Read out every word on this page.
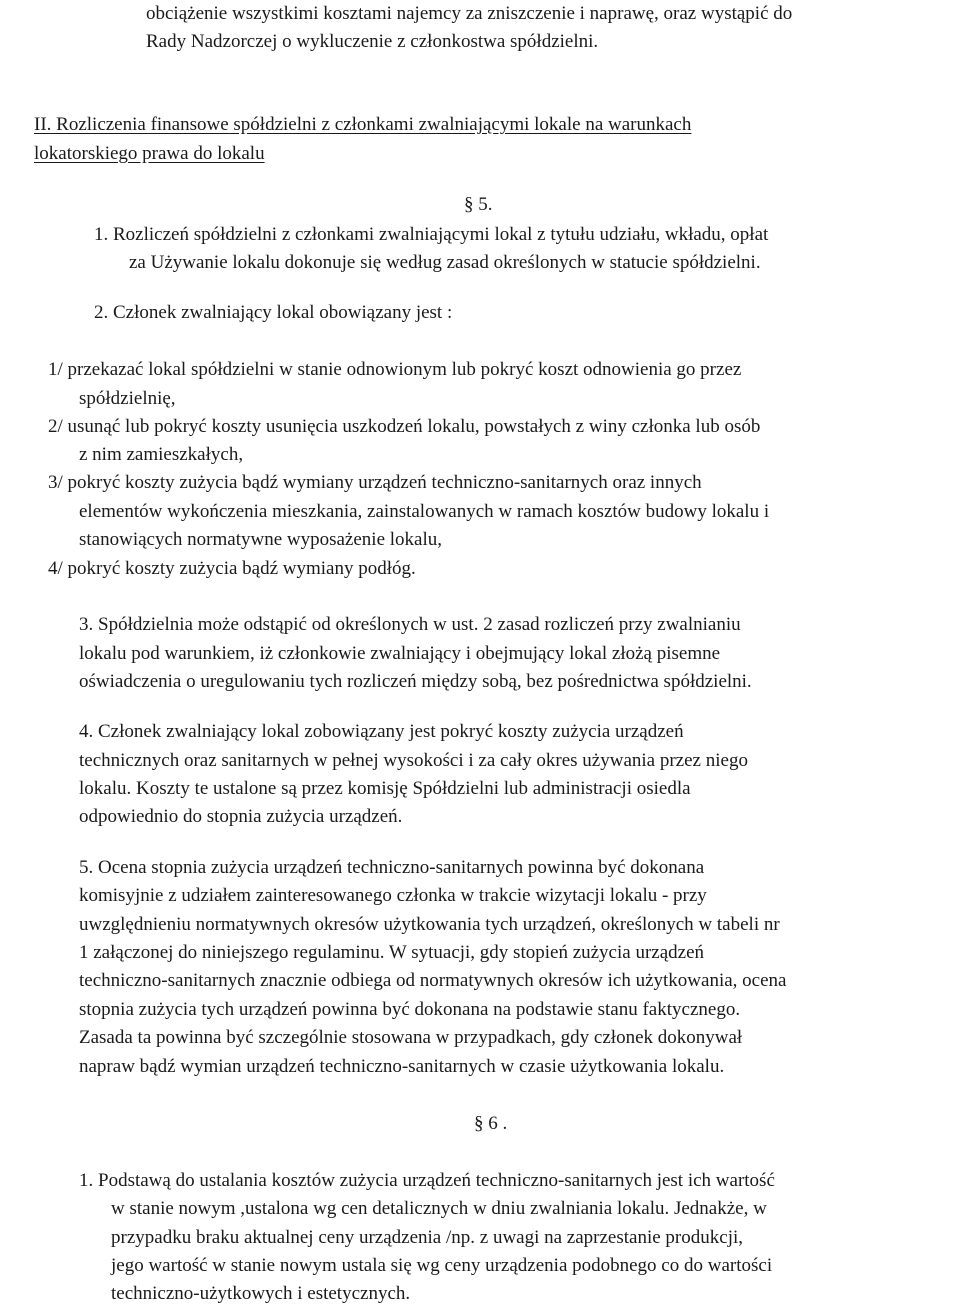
obciążenie wszystkimi kosztami najemcy za zniszczenie i naprawę, oraz wystąpić do

Rady Nadzorczej o wykluczenie z członkostwa spółdzielni.

II. Rozliczenia finansowe spółdzielni z członkami zwalniającymi lokale na warunkach

lokatorskiego prawa do lokalu

§ 5.

1. Rozliczeń spółdzielni z członkami zwalniającymi lokal z tytułu udziału, wkładu, opłat

za Używanie lokalu dokonuje się według zasad określonych w statucie spółdzielni.

2. Członek zwalniający lokal obowiązany jest :

1/ przekazać lokal spółdzielni w stanie odnowionym lub pokryć koszt odnowienia go przez

spółdzielnię,

2/ usunąć lub pokryć koszty usunięcia uszkodzeń lokalu, powstałych z winy członka lub osób

z nim zamieszkałych,

3/ pokryć koszty zużycia bądź wymiany urządzeń techniczno-sanitarnych oraz innych

elementów wykończenia mieszkania, zainstalowanych w ramach kosztów budowy lokalu i

stanowiących normatywne wyposażenie lokalu,

4/ pokryć koszty zużycia bądź wymiany podłóg.

3. Spółdzielnia może odstąpić od określonych w ust. 2 zasad rozliczeń przy zwalnianiu

lokalu pod warunkiem, iż członkowie zwalniający i obejmujący lokal złożą pisemne

oświadczenia o uregulowaniu tych rozliczeń między sobą, bez pośrednictwa spółdzielni.

4. Członek zwalniający lokal zobowiązany jest pokryć koszty zużycia urządzeń

technicznych oraz sanitarnych w pełnej wysokości i za cały okres używania przez niego

lokalu. Koszty te ustalone są przez komisję Spółdzielni lub administracji osiedla

odpowiednio do stopnia zużycia urządzeń.

5. Ocena stopnia zużycia urządzeń techniczno-sanitarnych powinna być dokonana

komisyjnie z udziałem zainteresowanego członka w trakcie wizytacji lokalu - przy

uwzględnieniu normatywnych okresów użytkowania tych urządzeń, określonych w tabeli nr

1 załączonej do niniejszego regulaminu. W sytuacji, gdy stopień zużycia urządzeń

techniczno-sanitarnych znacznie odbiega od normatywnych okresów ich użytkowania, ocena

stopnia zużycia tych urządzeń powinna być dokonana na podstawie stanu faktycznego.

Zasada ta powinna być szczególnie stosowana w przypadkach, gdy członek dokonywał

napraw bądź wymian urządzeń techniczno-sanitarnych w czasie użytkowania lokalu.

§ 6 .

1. Podstawą do ustalania kosztów zużycia urządzeń techniczno-sanitarnych jest ich wartość

w stanie nowym ,ustalona wg cen detalicznych w dniu zwalniania lokalu. Jednakże, w

przypadku braku aktualnej ceny urządzenia /np. z uwagi na zaprzestanie produkcji,

jego wartość w stanie nowym ustala się wg ceny urządzenia podobnego co do wartości

techniczno-użytkowych i estetycznych.
